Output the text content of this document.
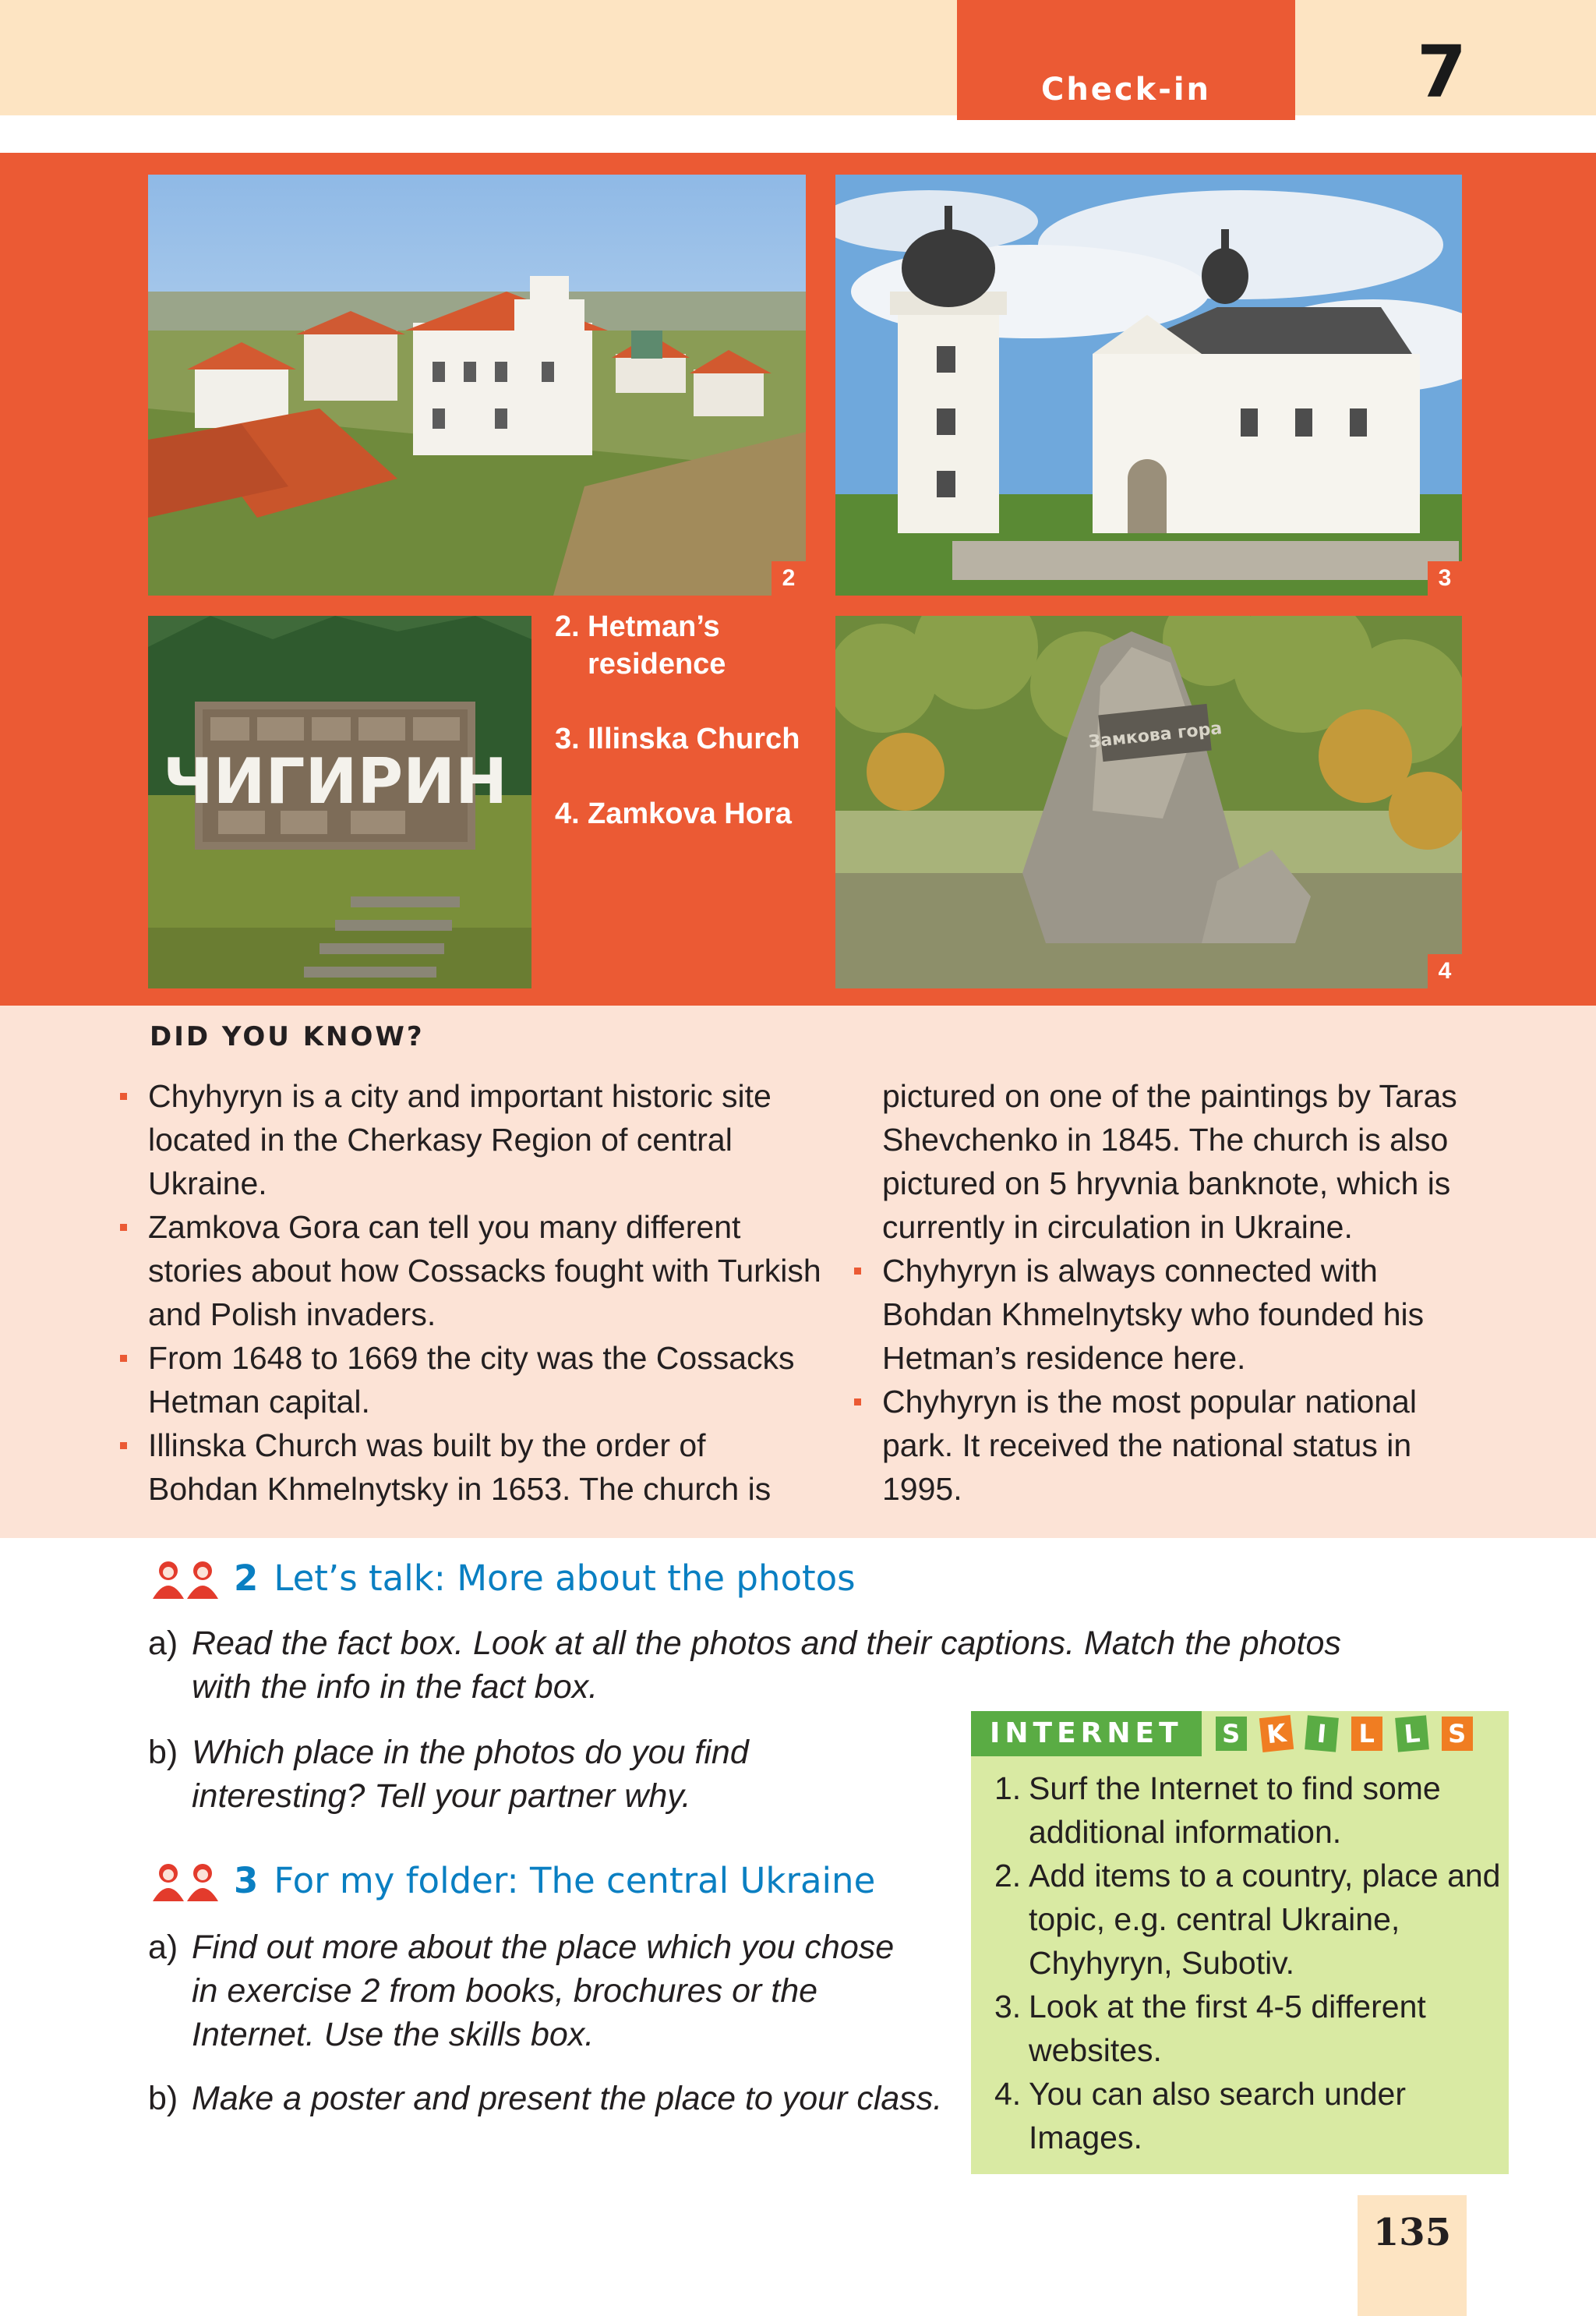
Check-in	7
2	3
ЧИГИРИН
2. Hetman’s
residence
3. Illinska Church
4. Zamkova Hora
Замкова гора
4
DID YOU KNOW?
Chyhyryn is a city and important historic site located in the Cherkasy Region of central Ukraine.
Zamkova Gora can tell you many different stories about how Cossacks fought with Turkish and Polish invaders.
From 1648 to 1669 the city was the Cossacks Hetman capital.
Illinska Church was built by the order of Bohdan Khmelnytsky in 1653. The church is
pictured on one of the paintings by Taras Shevchenko in 1845. The church is also pictured on 5 hryvnia banknote, which is currently in circulation in Ukraine.
Chyhyryn is always connected with Bohdan Khmelnytsky who founded his Hetman’s residence here.
Chyhyryn is the most popular national park. It received the national status in 1995.
2 Let’s talk: More about the photos
a) Read the fact box. Look at all the photos and their captions. Match the photos with the info in the fact box.
b) Which place in the photos do you find interesting? Tell your partner why.
3 For my folder: The central Ukraine
a) Find out more about the place which you chose in exercise 2 from books, brochures or the Internet. Use the skills box.
b) Make a poster and present the place to your class.
INTERNET	S K	I	L	L	S
1. Surf the Internet to find some additional information.
2. Add items to a country, place and topic, e.g. central Ukraine, Chyhyryn, Subotiv.
3. Look at the first 4-5 different websites.
4. You can also search under Images.
135
